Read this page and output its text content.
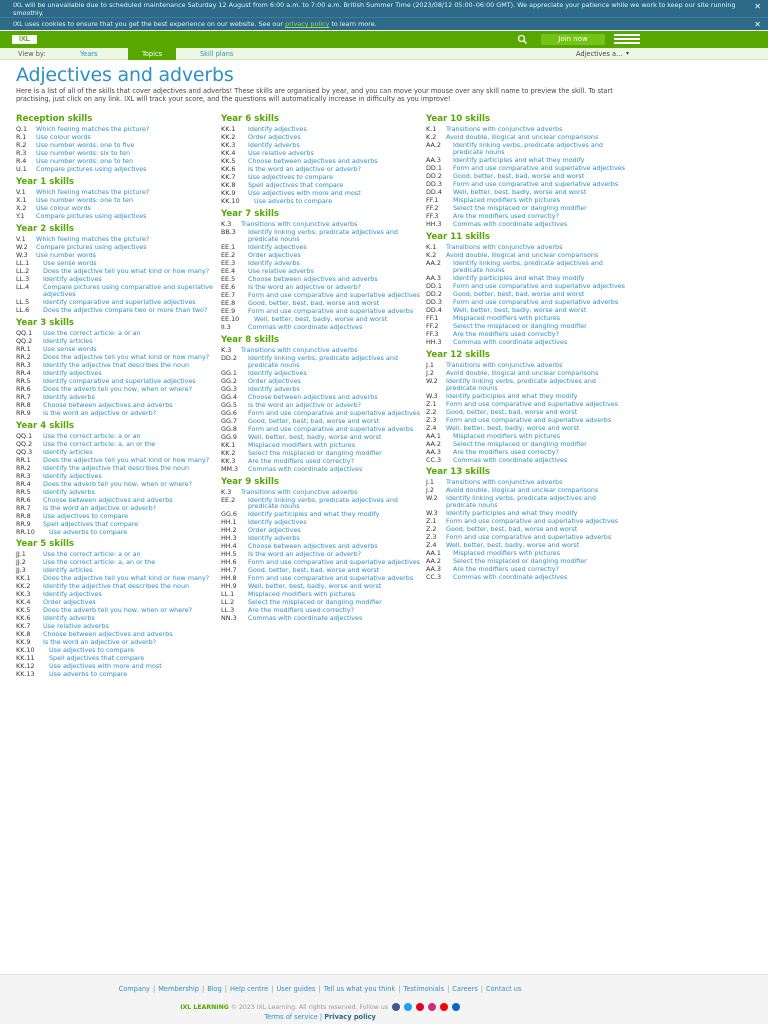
IXL will be unavailable due to scheduled maintenance Saturday 12 August from 6:00 a.m. to 7:00 a.m. British Summer Time (2023/08/12 05:00–06:00 GMT). We appreciate your patience while we work to keep our site running smoothly.
✕
IXL uses cookies to ensure that you get the best experience on our website. See our privacy policy to learn more.	✕
IXL	Join now
View by:	Years	Topics	Skill plans	Adjectives a... ▾
Adjectives and adverbs

Here is a list of all of the skills that cover adjectives and adverbs! These skills are organised by year, and you can move your mouse over any skill name to preview the skill. To start practising, just click on any link. IXL will track your score, and the questions will automatically increase in difficulty as you improve!

Reception skills
Q.1	Which feeling matches the picture?
R.1	Use colour words
R.2	Use number words: one to five
R.3	Use number words: six to ten
R.4	Use number words: one to ten
U.1	Compare pictures using adjectives
Year 1 skills
V.1	Which feeling matches the picture?
X.1	Use number words: one to ten
X.2	Use colour words
Y.1	Compare pictures using adjectives
Year 2 skills
V.1	Which feeling matches the picture?
W.2	Compare pictures using adjectives
W.3	Use number words
LL.1	Use sense words
LL.2	Does the adjective tell you what kind or how many?
LL.3	Identify adjectives
LL.4	Compare pictures using comparative and superlative adjectives
LL.5	Identify comparative and superlative adjectives
LL.6	Does the adjective compare two or more than two?
Year 3 skills
QQ.1	Use the correct article: a or an
QQ.2	Identify articles
RR.1	Use sense words
RR.2	Does the adjective tell you what kind or how many?
RR.3	Identify the adjective that describes the noun
RR.4	Identify adjectives
RR.5	Identify comparative and superlative adjectives
RR.6	Does the adverb tell you how, when or where?
RR.7	Identify adverbs
RR.8	Choose between adjectives and adverbs
RR.9	Is the word an adjective or adverb?
Year 4 skills
QQ.1	Use the correct article: a or an
QQ.2	Use the correct article: a, an or the
QQ.3	Identify articles
RR.1	Does the adjective tell you what kind or how many?
RR.2	Identify the adjective that describes the noun
RR.3	Identify adjectives
RR.4	Does the adverb tell you how, when or where?
RR.5	Identify adverbs
RR.6	Choose between adjectives and adverbs
RR.7	Is the word an adjective or adverb?
RR.8	Use adjectives to compare
RR.9	Spell adjectives that compare
RR.10	Use adverbs to compare
Year 5 skills
JJ.1	Use the correct article: a or an
JJ.2	Use the correct article: a, an or the
JJ.3	Identify articles
KK.1	Does the adjective tell you what kind or how many?
KK.2	Identify the adjective that describes the noun
KK.3	Identify adjectives
KK.4	Order adjectives
KK.5	Does the adverb tell you how, when or where?
KK.6	Identify adverbs
KK.7	Use relative adverbs
KK.8	Choose between adjectives and adverbs
KK.9	Is the word an adjective or adverb?
KK.10	Use adjectives to compare
KK.11	Spell adjectives that compare
KK.12	Use adjectives with more and most
KK.13	Use adverbs to compare
Year 6 skills
KK.1	Identify adjectives
KK.2	Order adjectives
KK.3	Identify adverbs
KK.4	Use relative adverbs
KK.5	Choose between adjectives and adverbs
KK.6	Is the word an adjective or adverb?
KK.7	Use adjectives to compare
KK.8	Spell adjectives that compare
KK.9	Use adjectives with more and most
KK.10	Use adverbs to compare
Year 7 skills
K.3	Transitions with conjunctive adverbs
BB.3	Identify linking verbs, predicate adjectives and predicate nouns
EE.1	Identify adjectives
EE.2	Order adjectives
EE.3	Identify adverbs
EE.4	Use relative adverbs
EE.5	Choose between adjectives and adverbs
EE.6	Is the word an adjective or adverb?
EE.7	Form and use comparative and superlative adjectives
EE.8	Good, better, best, bad, worse and worst
EE.9	Form and use comparative and superlative adverbs
EE.10	Well, better, best, badly, worse and worst
II.3	Commas with coordinate adjectives
Year 8 skills
K.3	Transitions with conjunctive adverbs
DD.2	Identify linking verbs, predicate adjectives and predicate nouns
GG.1	Identify adjectives
GG.2	Order adjectives
GG.3	Identify adverbs
GG.4	Choose between adjectives and adverbs
GG.5	Is the word an adjective or adverb?
GG.6	Form and use comparative and superlative adjectives
GG.7	Good, better, best, bad, worse and worst
GG.8	Form and use comparative and superlative adverbs
GG.9	Well, better, best, badly, worse and worst
KK.1	Misplaced modifiers with pictures
KK.2	Select the misplaced or dangling modifier
KK.3	Are the modifiers used correctly?
MM.3	Commas with coordinate adjectives
Year 9 skills
K.3	Transitions with conjunctive adverbs
EE.2	Identify linking verbs, predicate adjectives and predicate nouns
GG.6	Identify participles and what they modify
HH.1	Identify adjectives
HH.2	Order adjectives
HH.3	Identify adverbs
HH.4	Choose between adjectives and adverbs
HH.5	Is the word an adjective or adverb?
HH.6	Form and use comparative and superlative adjectives
HH.7	Good, better, best, bad, worse and worst
HH.8	Form and use comparative and superlative adverbs
HH.9	Well, better, best, badly, worse and worst
LL.1	Misplaced modifiers with pictures
LL.2	Select the misplaced or dangling modifier
LL.3	Are the modifiers used correctly?
NN.3	Commas with coordinate adjectives
Year 10 skills
K.1	Transitions with conjunctive adverbs
K.2	Avoid double, illogical and unclear comparisons
AA.2	Identify linking verbs, predicate adjectives and predicate nouns
AA.3	Identify participles and what they modify
DD.1	Form and use comparative and superlative adjectives
DD.2	Good, better, best, bad, worse and worst
DD.3	Form and use comparative and superlative adverbs
DD.4	Well, better, best, badly, worse and worst
FF.1	Misplaced modifiers with pictures
FF.2	Select the misplaced or dangling modifier
FF.3	Are the modifiers used correctly?
HH.3	Commas with coordinate adjectives
Year 11 skills
K.1	Transitions with conjunctive adverbs
K.2	Avoid double, illogical and unclear comparisons
AA.2	Identify linking verbs, predicate adjectives and predicate nouns
AA.3	Identify participles and what they modify
DD.1	Form and use comparative and superlative adjectives
DD.2	Good, better, best, bad, worse and worst
DD.3	Form and use comparative and superlative adverbs
DD.4	Well, better, best, badly, worse and worst
FF.1	Misplaced modifiers with pictures
FF.2	Select the misplaced or dangling modifier
FF.3	Are the modifiers used correctly?
HH.3	Commas with coordinate adjectives
Year 12 skills
J.1	Transitions with conjunctive adverbs
J.2	Avoid double, illogical and unclear comparisons
W.2	Identify linking verbs, predicate adjectives and predicate nouns
W.3	Identify participles and what they modify
Z.1	Form and use comparative and superlative adjectives
Z.2	Good, better, best, bad, worse and worst
Z.3	Form and use comparative and superlative adverbs
Z.4	Well, better, best, badly, worse and worst
AA.1	Misplaced modifiers with pictures
AA.2	Select the misplaced or dangling modifier
AA.3	Are the modifiers used correctly?
CC.3	Commas with coordinate adjectives
Year 13 skills
J.1	Transitions with conjunctive adverbs
J.2	Avoid double, illogical and unclear comparisons
W.2	Identify linking verbs, predicate adjectives and predicate nouns
W.3	Identify participles and what they modify
Z.1	Form and use comparative and superlative adjectives
Z.2	Good, better, best, bad, worse and worst
Z.3	Form and use comparative and superlative adverbs
Z.4	Well, better, best, badly, worse and worst
AA.1	Misplaced modifiers with pictures
AA.2	Select the misplaced or dangling modifier
AA.3	Are the modifiers used correctly?
CC.3	Commas with coordinate adjectives
Company | Membership | Blog | Help centre | User guides | Tell us what you think | Testimonials | Careers | Contact us
IXL LEARNING © 2023 IXL Learning. All rights reserved. Follow us
Terms of service | Privacy policy
